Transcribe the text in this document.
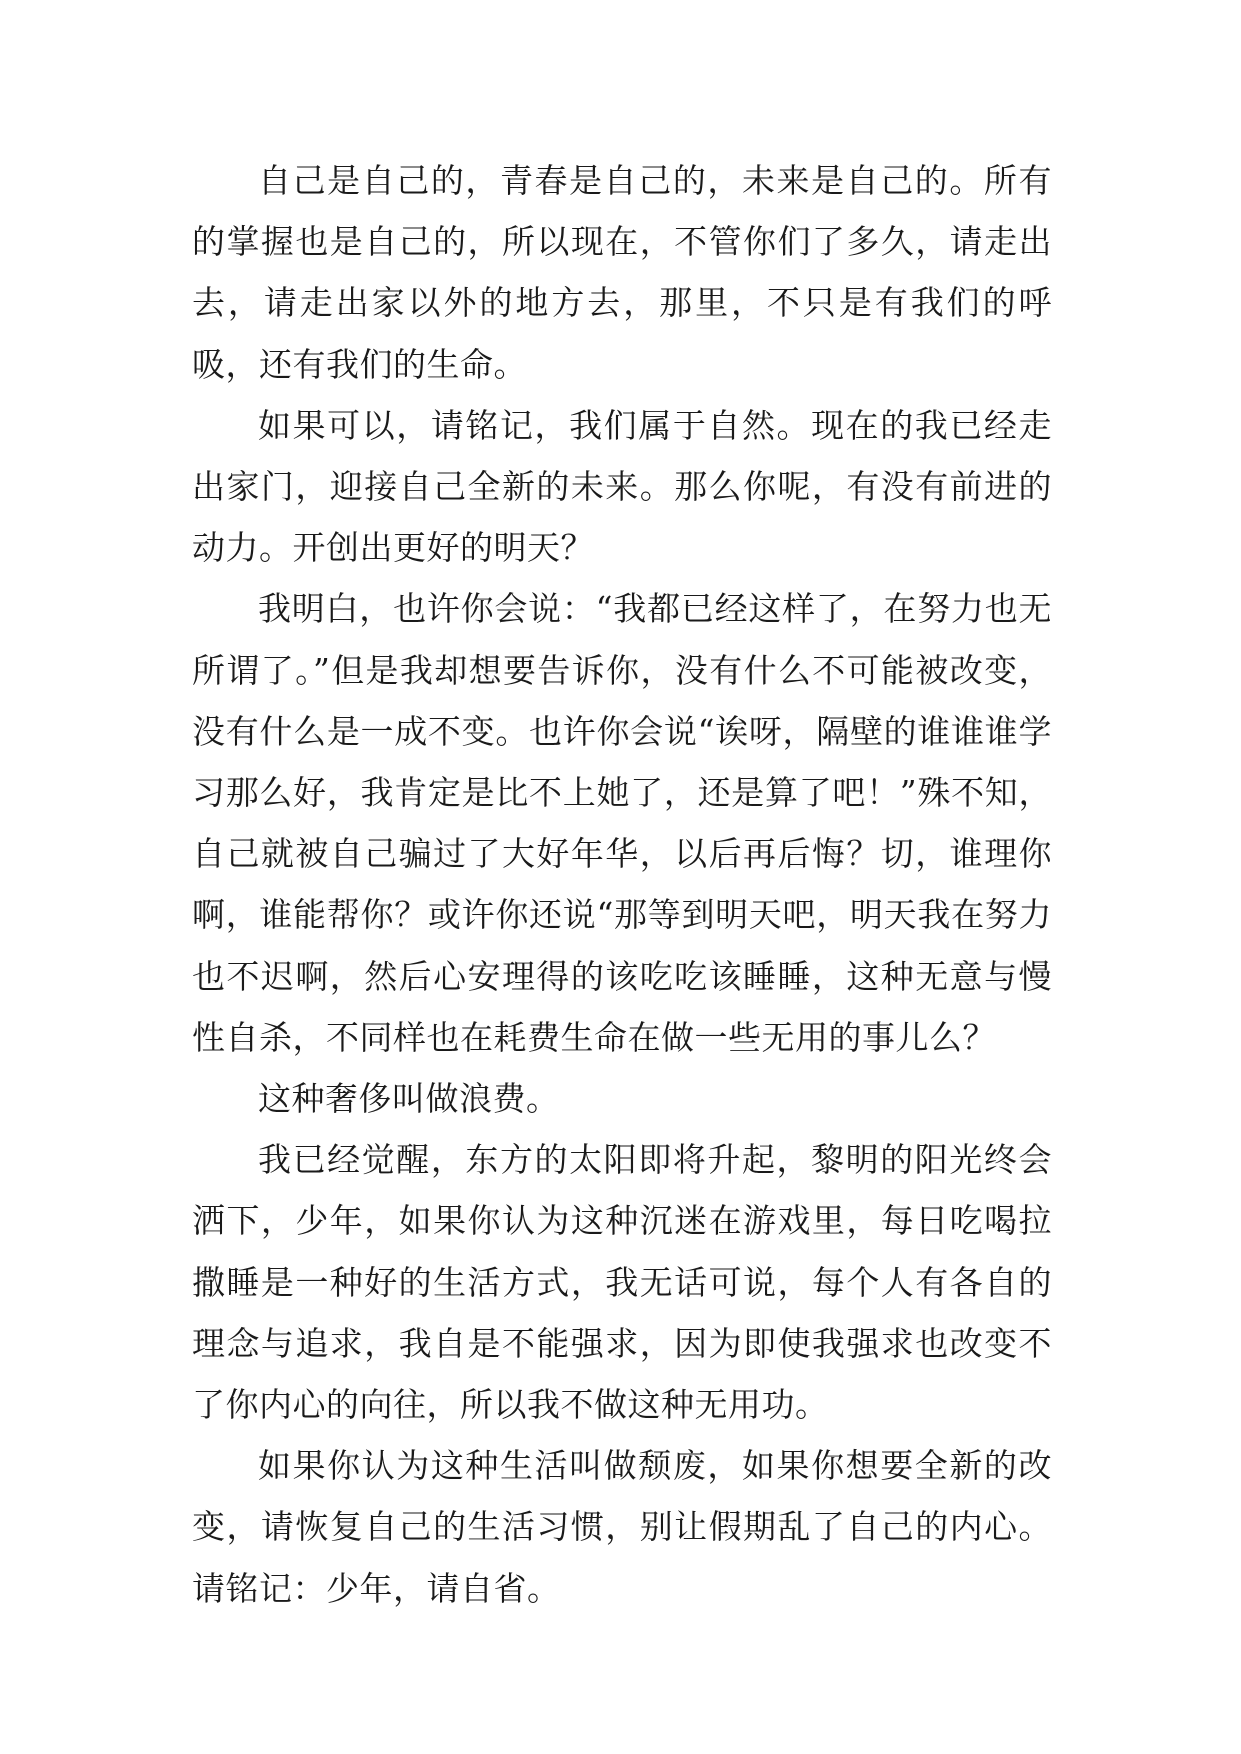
自己是自己的，青春是自己的，未来是自己的。所有的掌握也是自己的，所以现在，不管你们了多久，请走出去，请走出家以外的地方去，那里，不只是有我们的呼吸，还有我们的生命。

如果可以，请铭记，我们属于自然。现在的我已经走出家门，迎接自己全新的未来。那么你呢，有没有前进的动力。开创出更好的明天？

我明白，也许你会说：“我都已经这样了，在努力也无所谓了。”但是我却想要告诉你，没有什么不可能被改变，没有什么是一成不变。也许你会说“诶呀，隔壁的谁谁谁学习那么好，我肯定是比不上她了，还是算了吧！”殊不知，自己就被自己骗过了大好年华，以后再后悔？切，谁理你啊，谁能帮你？或许你还说“那等到明天吧，明天我在努力也不迟啊，然后心安理得的该吃吃该睡睡，这种无意与慢性自杀，不同样也在耗费生命在做一些无用的事儿么？

这种奢侈叫做浪费。

我已经觉醒，东方的太阳即将升起，黎明的阳光终会洒下，少年，如果你认为这种沉迷在游戏里，每日吃喝拉撒睡是一种好的生活方式，我无话可说，每个人有各自的理念与追求，我自是不能强求，因为即使我强求也改变不了你内心的向往，所以我不做这种无用功。

如果你认为这种生活叫做颓废，如果你想要全新的改变，请恢复自己的生活习惯，别让假期乱了自己的内心。请铭记：少年，请自省。
